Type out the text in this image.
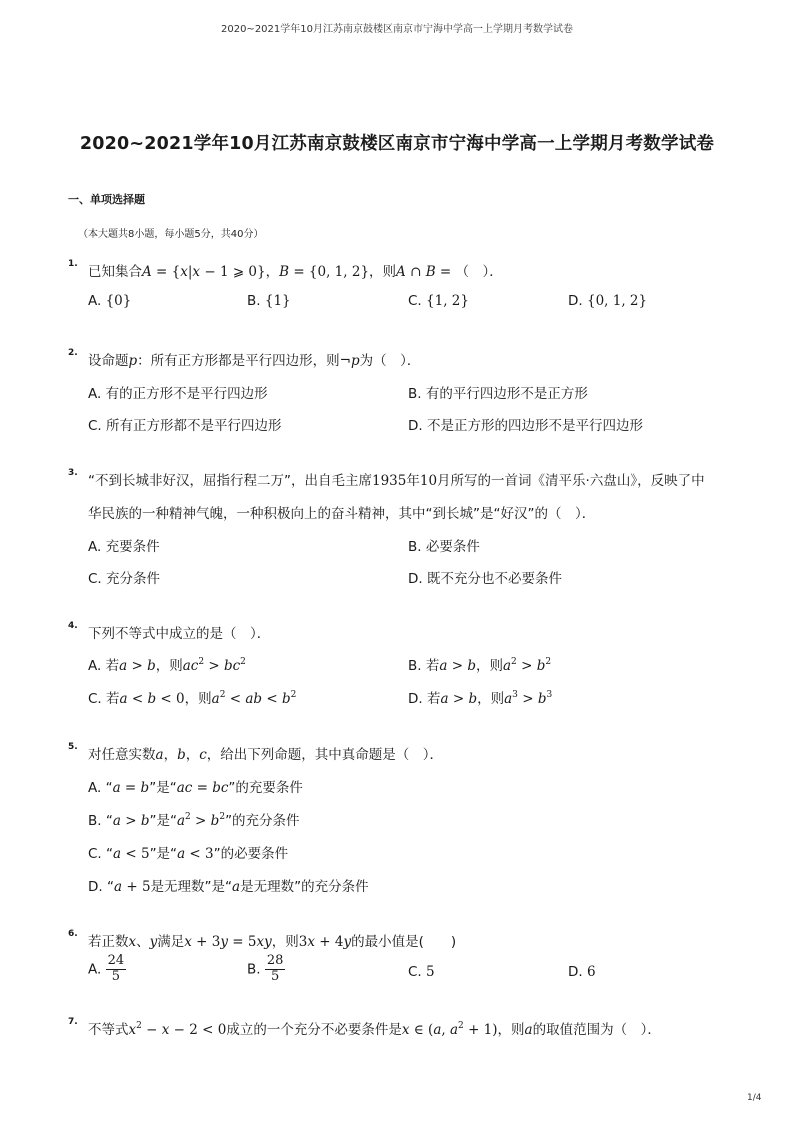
2020~2021学年10月江苏南京鼓楼区南京市宁海中学高一上学期月考数学试卷
2020~2021学年10月江苏南京鼓楼区南京市宁海中学高一上学期月考数学试卷
一、单项选择题
（本大题共8小题，每小题5分，共40分）
1. 已知集合A = {x|x − 1 ⩾ 0}，B = {0, 1, 2}，则A ∩ B = （　）．
A. {0}	B. {1}	C. {1, 2}	D. {0, 1, 2}
2. 设命题p：所有正方形都是平行四边形，则¬p为（　）．
A. 有的正方形不是平行四边形	B. 有的平行四边形不是正方形
C. 所有正方形都不是平行四边形	D. 不是正方形的四边形不是平行四边形
3. “不到长城非好汉，屈指行程二万”，出自毛主席1935年10月所写的一首词《清平乐·六盘山》，反映了中
华民族的一种精神气魄，一种积极向上的奋斗精神，其中“到长城”是“好汉”的（　）．
A. 充要条件	B. 必要条件
C. 充分条件	D. 既不充分也不必要条件
4. 下列不等式中成立的是（　）．
A. 若a > b，则$ac^2 > bc^2$	B. 若a > b，则$a^2 > b^2$
C. 若a < b < 0，则$a^2$ < ab < $b^2$	D. 若a > b，则$a^3 > b^3$
5. 对任意实数a，b，c，给出下列命题，其中真命题是（　）．
A. “a = b”是“ac = bc”的充要条件
B. “a > b”是“$a^2 > b^2$”的充分条件
C. “a < 5”是“a < 3”的必要条件
D. “a + 5是无理数”是“a是无理数”的充分条件
6. 若正数x、y满足x + 3y = 5xy，则3x + 4y的最小值是(　　)
A. $\frac{24}{5}$	B. $\frac{28}{5}$	C. 5	D. 6
7. 不等式$x^2 - x - 2 < 0$成立的一个充分不必要条件是x ∈ (a, $a^2 + 1$)，则a的取值范围为（　）．
1/4
